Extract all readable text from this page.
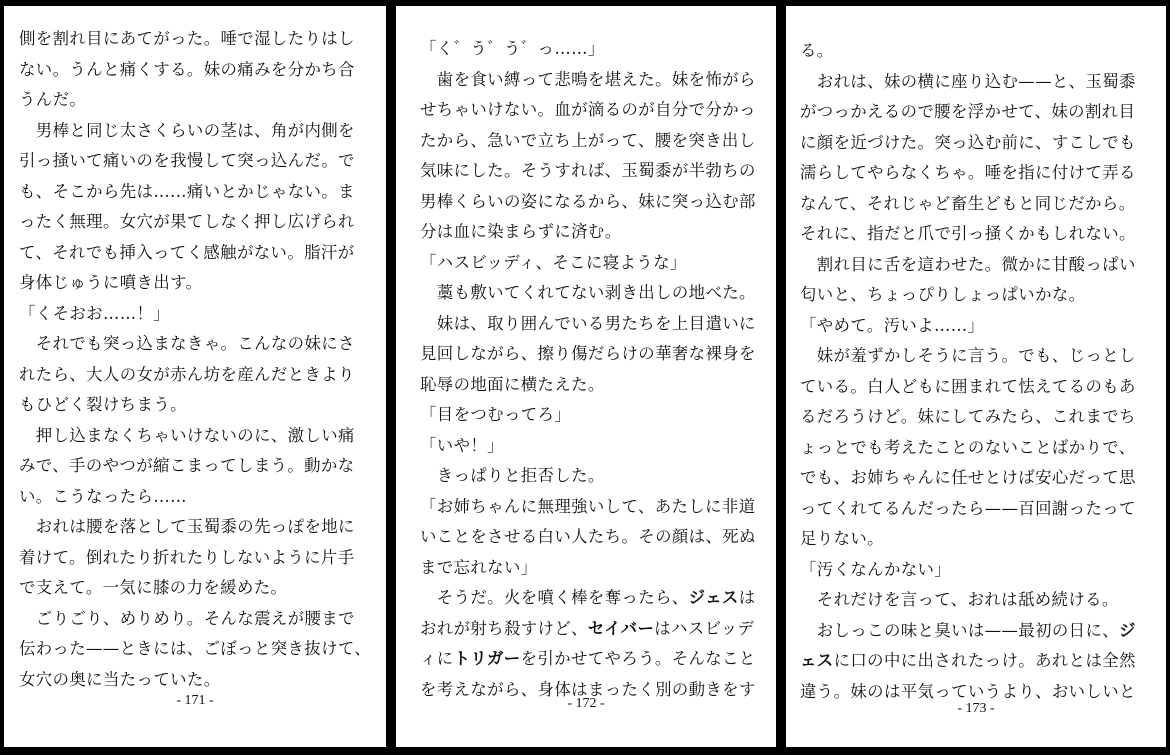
側を割れ目にあてがった。唾で湿したりはし
ない。うんと痛くする。妹の痛みを分かち合
うんだ。
　男棒と同じ太さくらいの茎は、角が内側を
引っ掻いて痛いのを我慢して突っ込んだ。で
も、そこから先は……痛いとかじゃない。ま
ったく無理。女穴が果てしなく押し広げられ
て、それでも挿入ってく感触がない。脂汗が
身体じゅうに噴き出す。
「くそおお……！」
　それでも突っ込まなきゃ。こんなの妹にさ
れたら、大人の女が赤ん坊を産んだときより
もひどく裂けちまう。
　押し込まなくちゃいけないのに、激しい痛
みで、手のやつが縮こまってしまう。動かな
い。こうなったら……
　おれは腰を落として玉蜀黍の先っぽを地に
着けて。倒れたり折れたりしないように片手
で支えて。一気に膝の力を緩めた。
　ごりごり、めりめり。そんな震えが腰まで
伝わった——ときには、ごぼっと突き抜けて、
女穴の奥に当たっていた。
- 171 -
「く゛う゛う゛っ……」
　歯を食い縛って悲鳴を堪えた。妹を怖がら
せちゃいけない。血が滴るのが自分で分かっ
たから、急いで立ち上がって、腰を突き出し
気味にした。そうすれば、玉蜀黍が半勃ちの
男棒くらいの姿になるから、妹に突っ込む部
分は血に染まらずに済む。
「ハスビッディ、そこに寝ような」
　藁も敷いてくれてない剥き出しの地べた。
　妹は、取り囲んでいる男たちを上目遣いに
見回しながら、擦り傷だらけの華奢な裸身を
恥辱の地面に横たえた。
「目をつむってろ」
「いや！」
　きっぱりと拒否した。
「お姉ちゃんに無理強いして、あたしに非道
いことをさせる白い人たち。その顔は、死ぬ
まで忘れない」
　そうだ。火を噴く棒を奪ったら、ジェスは
おれが射ち殺すけど、セイバーはハスビッデ
ィにトリガーを引かせてやろう。そんなこと
を考えながら、身体はまったく別の動きをす
- 172 -
る。
　おれは、妹の横に座り込む——と、玉蜀黍
がつっかえるので腰を浮かせて、妹の割れ目
に顔を近づけた。突っ込む前に、すこしでも
濡らしてやらなくちゃ。唾を指に付けて弄る
なんて、それじゃど畜生どもと同じだから。
それに、指だと爪で引っ掻くかもしれない。
　割れ目に舌を這わせた。微かに甘酸っぱい
匂いと、ちょっぴりしょっぱいかな。
「やめて。汚いよ……」
　妹が羞ずかしそうに言う。でも、じっとし
ている。白人どもに囲まれて怯えてるのもあ
るだろうけど。妹にしてみたら、これまでち
ょっとでも考えたことのないことばかりで、
でも、お姉ちゃんに任せとけば安心だって思
ってくれてるんだったら——百回謝ったって
足りない。
「汚くなんかない」
　それだけを言って、おれは舐め続ける。
　おしっこの味と臭いは——最初の日に、ジ
ェスに口の中に出されたっけ。あれとは全然
違う。妹のは平気っていうより、おいしいと
- 173 -
